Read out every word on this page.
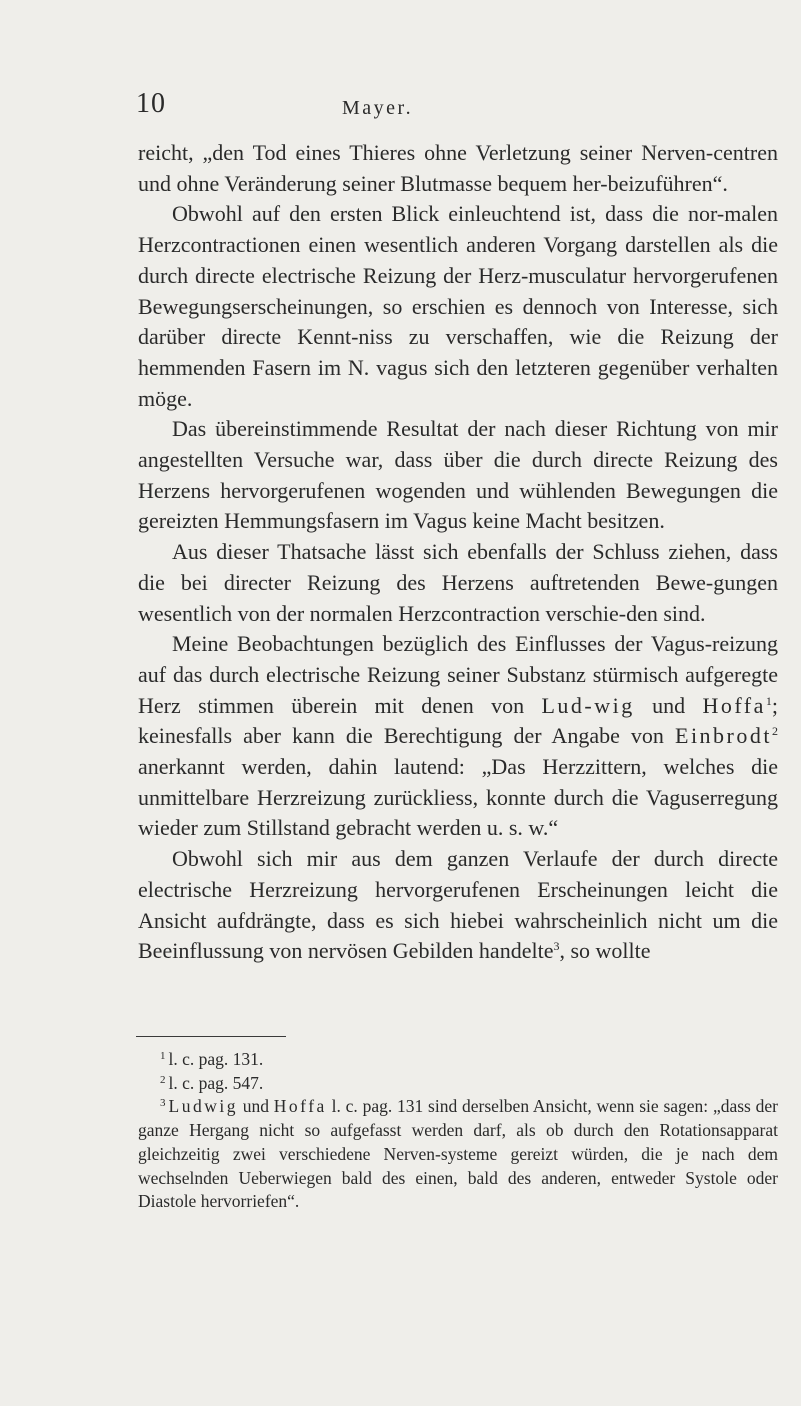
10	Mayer.

reicht, „den Tod eines Thieres ohne Verletzung seiner Nerven-centren und ohne Veränderung seiner Blutmasse bequem her-beizuführen“.

Obwohl auf den ersten Blick einleuchtend ist, dass die nor-malen Herzcontractionen einen wesentlich anderen Vorgang darstellen als die durch directe electrische Reizung der Herz-musculatur hervorgerufenen Bewegungserscheinungen, so erschien es dennoch von Interesse, sich darüber directe Kennt-niss zu verschaffen, wie die Reizung der hemmenden Fasern im N. vagus sich den letzteren gegenüber verhalten möge.

Das übereinstimmende Resultat der nach dieser Richtung von mir angestellten Versuche war, dass über die durch directe Reizung des Herzens hervorgerufenen wogenden und wühlenden Bewegungen die gereizten Hemmungsfasern im Vagus keine Macht besitzen.

Aus dieser Thatsache lässt sich ebenfalls der Schluss ziehen, dass die bei directer Reizung des Herzens auftretenden Bewe-gungen wesentlich von der normalen Herzcontraction verschie-den sind.

Meine Beobachtungen bezüglich des Einflusses der Vagus-reizung auf das durch electrische Reizung seiner Substanz stürmisch aufgeregte Herz stimmen überein mit denen von Lud-wig und Hoffa$^1$; keinesfalls aber kann die Berechtigung der Angabe von Einbrodt$^2$ anerkannt werden, dahin lautend: „Das Herzzittern, welches die unmittelbare Herzreizung zurückliess, konnte durch die Vaguserregung wieder zum Stillstand gebracht werden u. s. w.“

Obwohl sich mir aus dem ganzen Verlaufe der durch directe electrische Herzreizung hervorgerufenen Erscheinungen leicht die Ansicht aufdrängte, dass es sich hiebei wahrscheinlich nicht um die Beeinflussung von nervösen Gebilden handelte$^3$, so wollte

$^1$ l. c. pag. 131.

$^2$ l. c. pag. 547.

$^3$ Ludwig und Hoffa l. c. pag. 131 sind derselben Ansicht, wenn sie sagen: „dass der ganze Hergang nicht so aufgefasst werden darf, als ob durch den Rotationsapparat gleichzeitig zwei verschiedene Nerven-systeme gereizt würden, die je nach dem wechselnden Ueberwiegen bald des einen, bald des anderen, entweder Systole oder Diastole hervorriefen“.
